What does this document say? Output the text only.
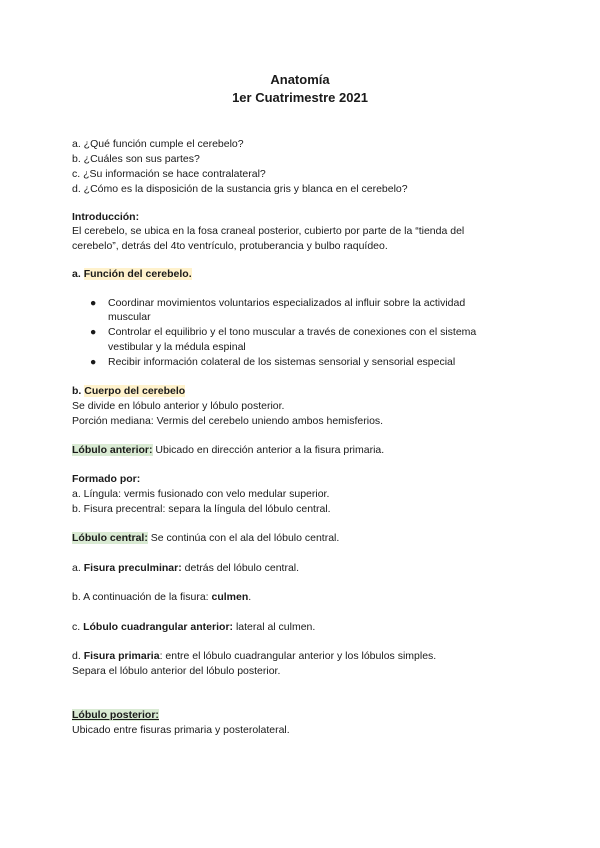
Anatomía
1er Cuatrimestre 2021
a. ¿Qué función cumple el cerebelo?
b. ¿Cuáles son sus partes?
c. ¿Su información se hace contralateral?
d. ¿Cómo es la disposición de la sustancia gris y blanca en el cerebelo?
Introducción:
El cerebelo, se ubica en la fosa craneal posterior, cubierto por parte de la “tienda del
cerebelo”, detrás del 4to ventrículo, protuberancia y bulbo raquídeo.
a. Función del cerebelo.
● Coordinar movimientos voluntarios especializados al influir sobre la actividad
muscular
● Controlar el equilibrio y el tono muscular a través de conexiones con el sistema
vestibular y la médula espinal
● Recibir información colateral de los sistemas sensorial y sensorial especial
b. Cuerpo del cerebelo
Se divide en lóbulo anterior y lóbulo posterior.
Porción mediana: Vermis del cerebelo uniendo ambos hemisferios.
Lóbulo anterior: Ubicado en dirección anterior a la fisura primaria.
Formado por:
a. Língula: vermis fusionado con velo medular superior.
b. Fisura precentral: separa la língula del lóbulo central.
Lóbulo central: Se continúa con el ala del lóbulo central.
a. Fisura preculminar: detrás del lóbulo central.
b. A continuación de la fisura: culmen.
c. Lóbulo cuadrangular anterior: lateral al culmen.
d. Fisura primaria: entre el lóbulo cuadrangular anterior y los lóbulos simples.
Separa el lóbulo anterior del lóbulo posterior.
Lóbulo posterior:
Ubicado entre fisuras primaria y posterolateral.
